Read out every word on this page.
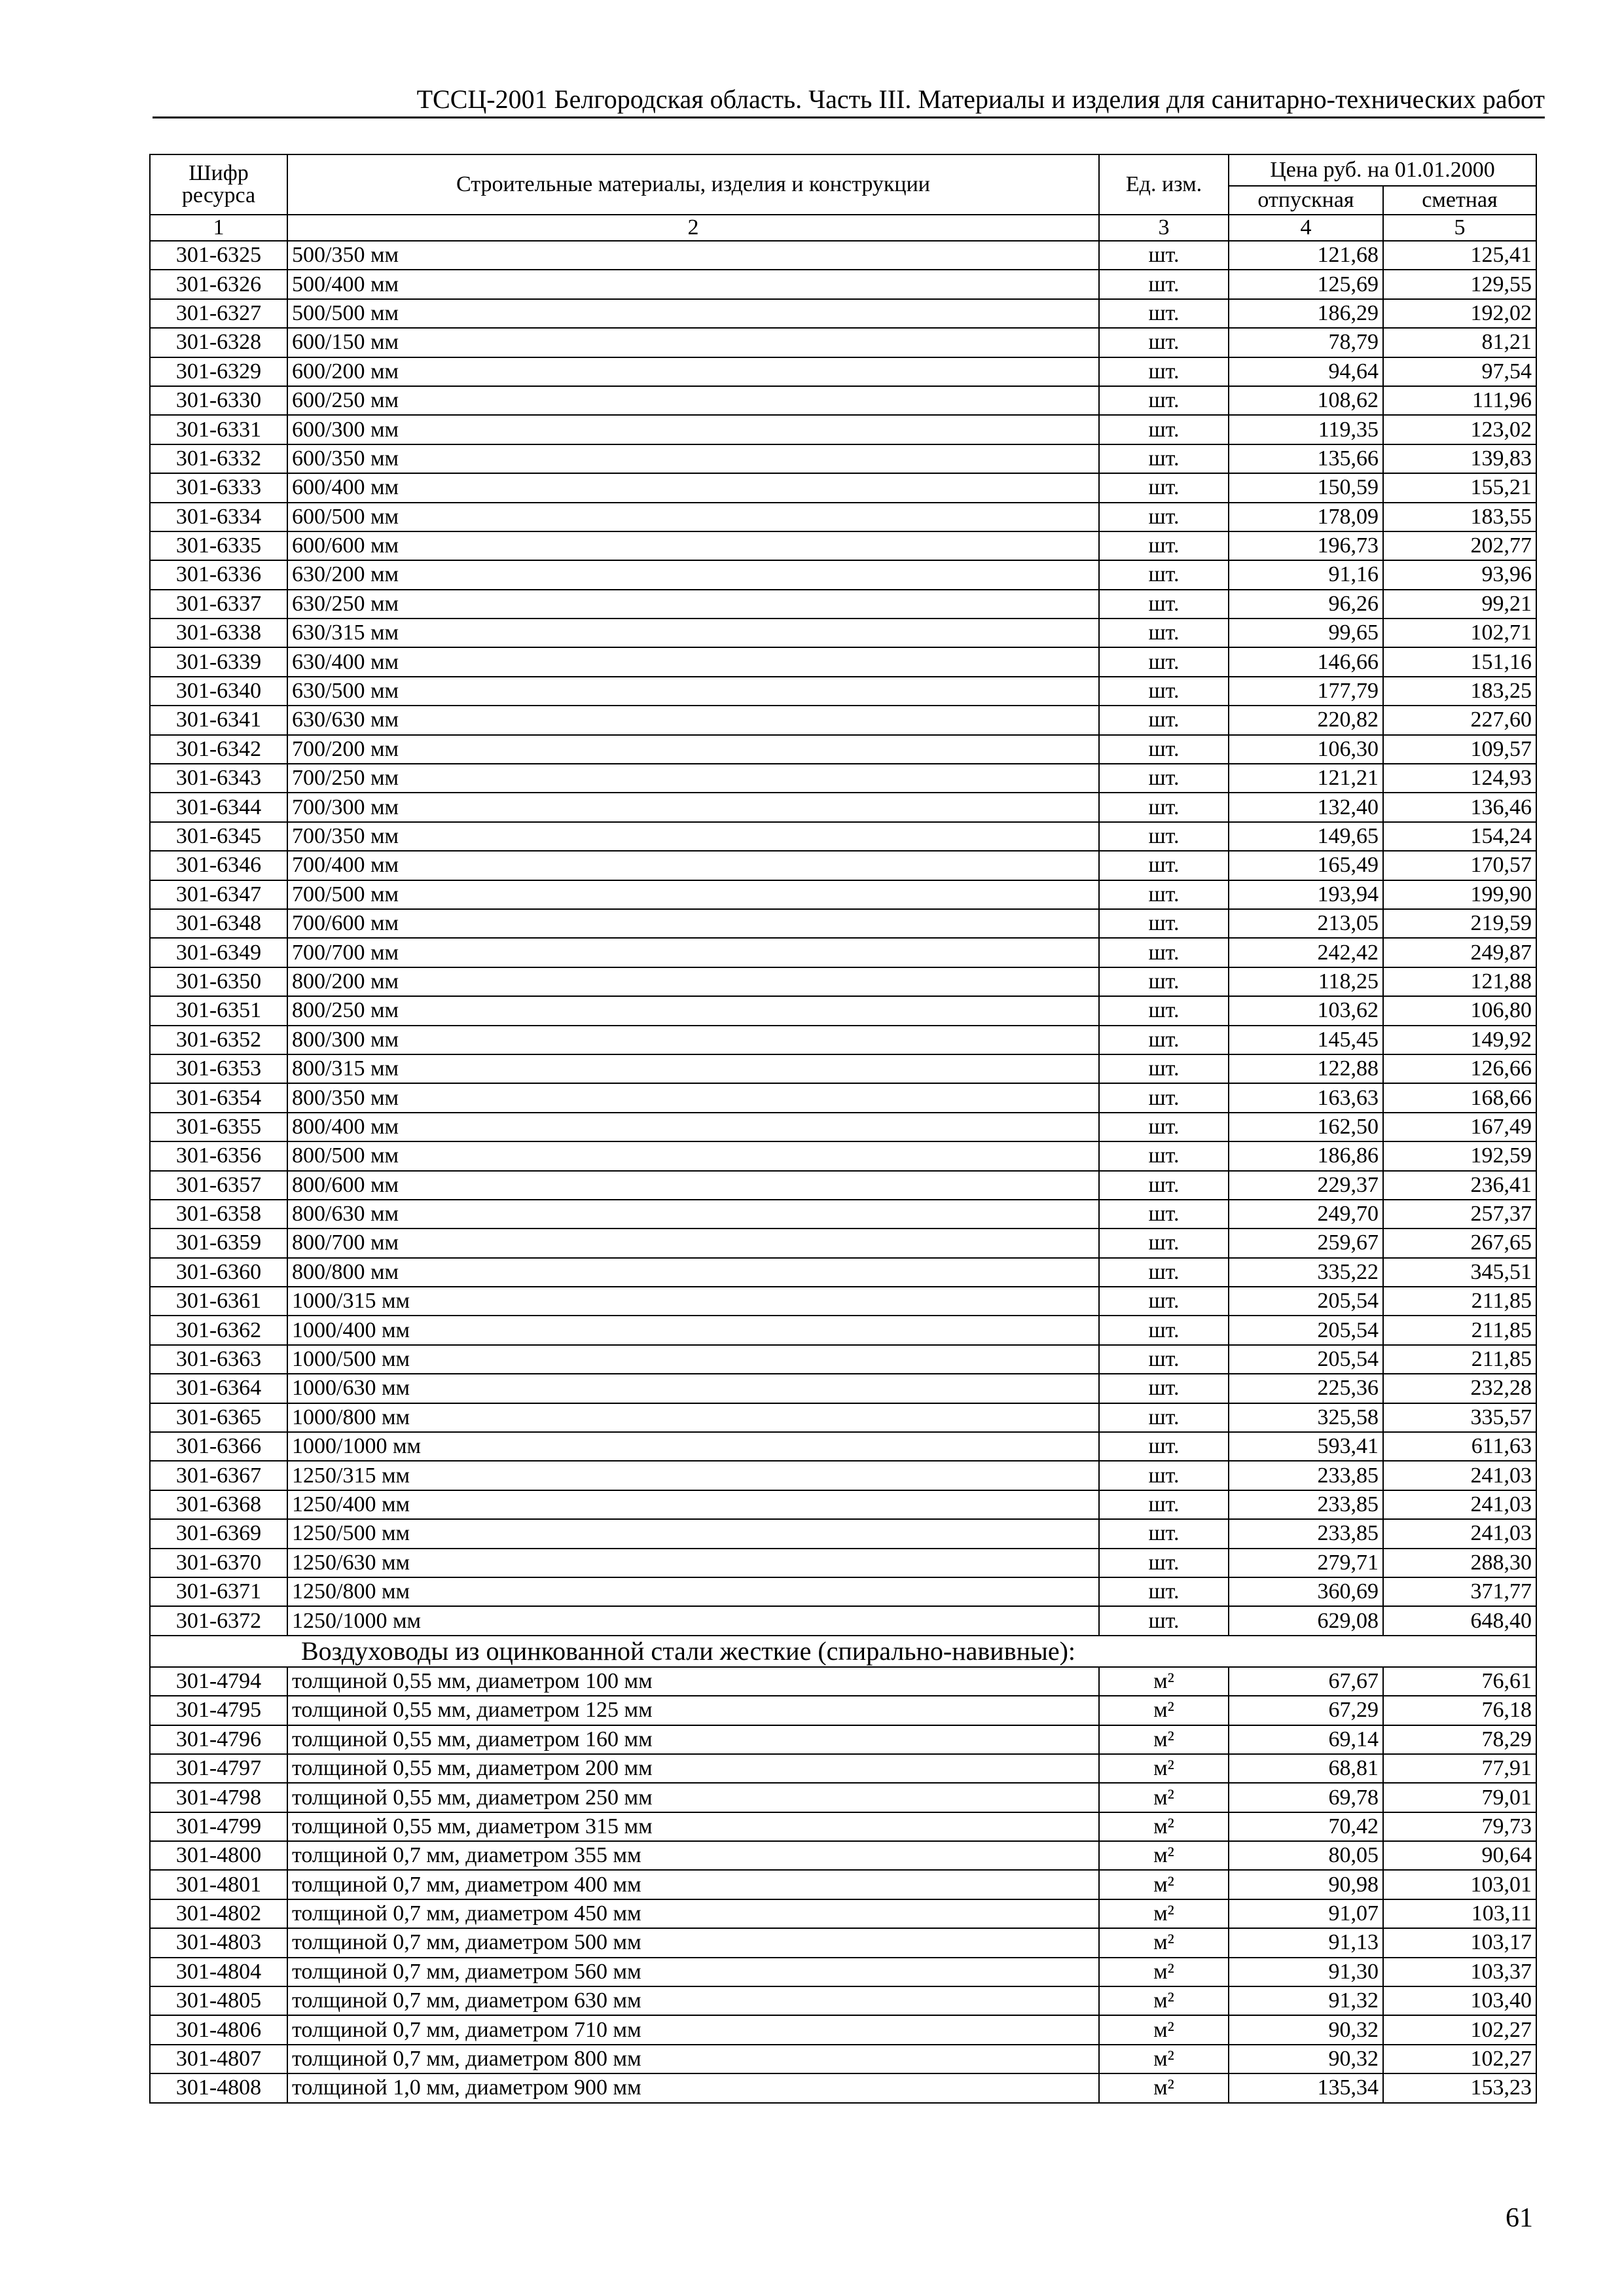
ТССЦ-2001 Белгородская область. Часть III. Материалы и изделия для санитарно-технических работ
Шифр ресурса	Строительные материалы, изделия и конструкции	Ед. изм.	Цена руб. на 01.01.2000	
			отпускная	сметная
1	2	3	4	5
301-6325	500/350 мм	шт.	121,68	125,41
301-6326	500/400 мм	шт.	125,69	129,55
301-6327	500/500 мм	шт.	186,29	192,02
301-6328	600/150 мм	шт.	78,79	81,21
301-6329	600/200 мм	шт.	94,64	97,54
301-6330	600/250 мм	шт.	108,62	111,96
301-6331	600/300 мм	шт.	119,35	123,02
301-6332	600/350 мм	шт.	135,66	139,83
301-6333	600/400 мм	шт.	150,59	155,21
301-6334	600/500 мм	шт.	178,09	183,55
301-6335	600/600 мм	шт.	196,73	202,77
301-6336	630/200 мм	шт.	91,16	93,96
301-6337	630/250 мм	шт.	96,26	99,21
301-6338	630/315 мм	шт.	99,65	102,71
301-6339	630/400 мм	шт.	146,66	151,16
301-6340	630/500 мм	шт.	177,79	183,25
301-6341	630/630 мм	шт.	220,82	227,60
301-6342	700/200 мм	шт.	106,30	109,57
301-6343	700/250 мм	шт.	121,21	124,93
301-6344	700/300 мм	шт.	132,40	136,46
301-6345	700/350 мм	шт.	149,65	154,24
301-6346	700/400 мм	шт.	165,49	170,57
301-6347	700/500 мм	шт.	193,94	199,90
301-6348	700/600 мм	шт.	213,05	219,59
301-6349	700/700 мм	шт.	242,42	249,87
301-6350	800/200 мм	шт.	118,25	121,88
301-6351	800/250 мм	шт.	103,62	106,80
301-6352	800/300 мм	шт.	145,45	149,92
301-6353	800/315 мм	шт.	122,88	126,66
301-6354	800/350 мм	шт.	163,63	168,66
301-6355	800/400 мм	шт.	162,50	167,49
301-6356	800/500 мм	шт.	186,86	192,59
301-6357	800/600 мм	шт.	229,37	236,41
301-6358	800/630 мм	шт.	249,70	257,37
301-6359	800/700 мм	шт.	259,67	267,65
301-6360	800/800 мм	шт.	335,22	345,51
301-6361	1000/315 мм	шт.	205,54	211,85
301-6362	1000/400 мм	шт.	205,54	211,85
301-6363	1000/500 мм	шт.	205,54	211,85
301-6364	1000/630 мм	шт.	225,36	232,28
301-6365	1000/800 мм	шт.	325,58	335,57
301-6366	1000/1000 мм	шт.	593,41	611,63
301-6367	1250/315 мм	шт.	233,85	241,03
301-6368	1250/400 мм	шт.	233,85	241,03
301-6369	1250/500 мм	шт.	233,85	241,03
301-6370	1250/630 мм	шт.	279,71	288,30
301-6371	1250/800 мм	шт.	360,69	371,77
301-6372	1250/1000 мм	шт.	629,08	648,40
Воздуховоды из оцинкованной стали жесткие (спирально-навивные):				
301-4794	толщиной 0,55 мм, диаметром 100 мм	м²	67,67	76,61
301-4795	толщиной 0,55 мм, диаметром 125 мм	м²	67,29	76,18
301-4796	толщиной 0,55 мм, диаметром 160 мм	м²	69,14	78,29
301-4797	толщиной 0,55 мм, диаметром 200 мм	м²	68,81	77,91
301-4798	толщиной 0,55 мм, диаметром 250 мм	м²	69,78	79,01
301-4799	толщиной 0,55 мм, диаметром 315 мм	м²	70,42	79,73
301-4800	толщиной 0,7 мм, диаметром 355 мм	м²	80,05	90,64
301-4801	толщиной 0,7 мм, диаметром 400 мм	м²	90,98	103,01
301-4802	толщиной 0,7 мм, диаметром 450 мм	м²	91,07	103,11
301-4803	толщиной 0,7 мм, диаметром 500 мм	м²	91,13	103,17
301-4804	толщиной 0,7 мм, диаметром 560 мм	м²	91,30	103,37
301-4805	толщиной 0,7 мм, диаметром 630 мм	м²	91,32	103,40
301-4806	толщиной 0,7 мм, диаметром 710 мм	м²	90,32	102,27
301-4807	толщиной 0,7 мм, диаметром 800 мм	м²	90,32	102,27
301-4808	толщиной 1,0 мм, диаметром 900 мм	м²	135,34	153,23
61
